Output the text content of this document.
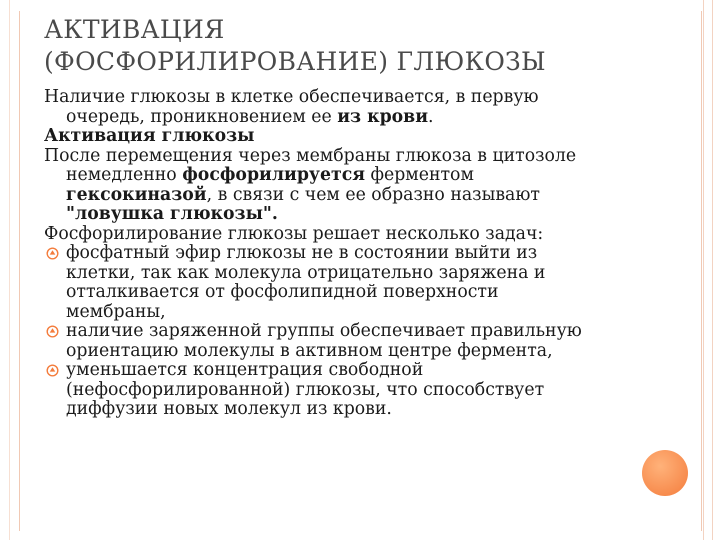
АКТИВАЦИЯ
(ФОСФОРИЛИРОВАНИЕ) ГЛЮКОЗЫ
Наличие глюкозы в клетке обеспечивается, в первую
очередь, проникновением ее из крови.
Активация глюкозы
После перемещения через мембраны глюкоза в цитозоле
немедленно фосфорилируется ферментом
гексокиназой, в связи с чем ее образно называют
"ловушка глюкозы".
Фосфорилирование глюкозы решает несколько задач:
фосфатный эфир глюкозы не в состоянии выйти из
клетки, так как молекула отрицательно заряжена и
отталкивается от фосфолипидной поверхности
мембраны,
наличие заряженной группы обеспечивает правильную
ориентацию молекулы в активном центре фермента,
уменьшается концентрация свободной
(нефосфорилированной) глюкозы, что способствует
диффузии новых молекул из крови.
